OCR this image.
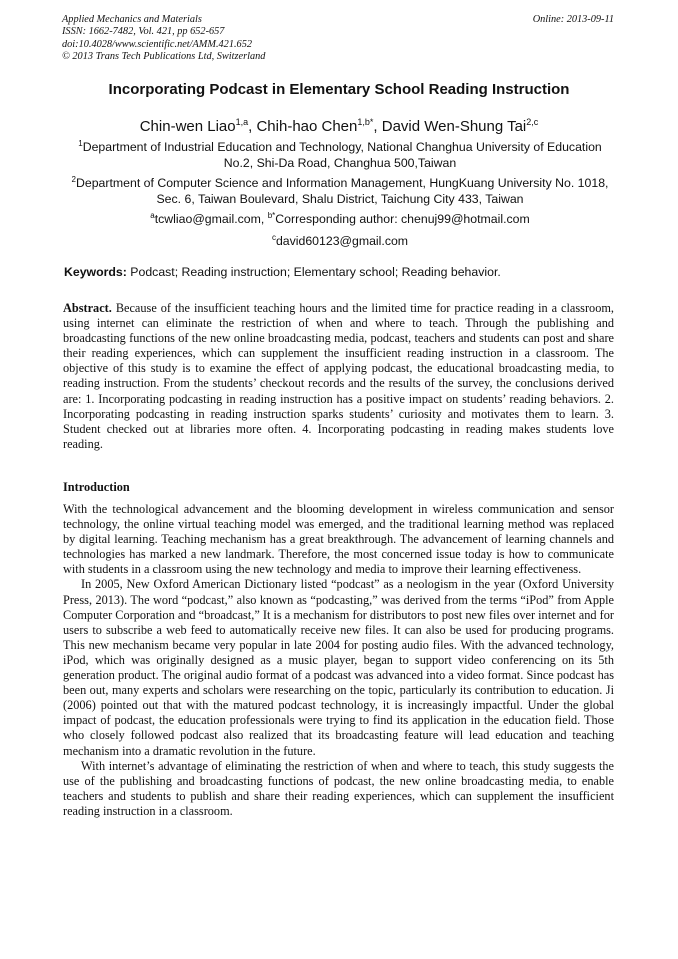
Applied Mechanics and Materials
ISSN: 1662-7482, Vol. 421, pp 652-657
doi:10.4028/www.scientific.net/AMM.421.652
© 2013 Trans Tech Publications Ltd, Switzerland
Online: 2013-09-11
Incorporating Podcast in Elementary School Reading Instruction
Chin-wen Liao$^{1,a}$, Chih-hao Chen$^{1,b*}$, David Wen-Shung Tai$^{2,c}$
$^1$Department of Industrial Education and Technology, National Changhua University of Education
No.2, Shi-Da Road, Changhua 500,Taiwan
$^2$Department of Computer Science and Information Management, HungKuang University No. 1018,
Sec. 6, Taiwan Boulevard, Shalu District, Taichung City 433, Taiwan
$^a$tcwliao@gmail.com, $^{b*}$Corresponding author: chenuj99@hotmail.com
$^c$david60123@gmail.com
Keywords: Podcast; Reading instruction; Elementary school; Reading behavior.
Abstract. Because of the insufficient teaching hours and the limited time for practice reading in a classroom, using internet can eliminate the restriction of when and where to teach. Through the publishing and broadcasting functions of the new online broadcasting media, podcast, teachers and students can post and share their reading experiences, which can supplement the insufficient reading instruction in a classroom. The objective of this study is to examine the effect of applying podcast, the educational broadcasting media, to reading instruction. From the students’ checkout records and the results of the survey, the conclusions derived are: 1. Incorporating podcasting in reading instruction has a positive impact on students’ reading behaviors. 2. Incorporating podcasting in reading instruction sparks students’ curiosity and motivates them to learn. 3. Student checked out at libraries more often. 4. Incorporating podcasting in reading makes students love reading.
Introduction

With the technological advancement and the blooming development in wireless communication and sensor technology, the online virtual teaching model was emerged, and the traditional learning method was replaced by digital learning. Teaching mechanism has a great breakthrough. The advancement of learning channels and technologies has marked a new landmark. Therefore, the most concerned issue today is how to communicate with students in a classroom using the new technology and media to improve their learning effectiveness.

In 2005, New Oxford American Dictionary listed “podcast” as a neologism in the year (Oxford University Press, 2013). The word “podcast,” also known as “podcasting,” was derived from the terms “iPod” from Apple Computer Corporation and “broadcast,” It is a mechanism for distributors to post new files over internet and for users to subscribe a web feed to automatically receive new files. It can also be used for producing programs. This new mechanism became very popular in late 2004 for posting audio files. With the advanced technology, iPod, which was originally designed as a music player, began to support video conferencing on its 5th generation product. The original audio format of a podcast was advanced into a video format. Since podcast has been out, many experts and scholars were researching on the topic, particularly its contribution to education. Ji (2006) pointed out that with the matured podcast technology, it is increasingly impactful. Under the global impact of podcast, the education professionals were trying to find its application in the education field. Those who closely followed podcast also realized that its broadcasting feature will lead education and teaching mechanism into a dramatic revolution in the future.

With internet’s advantage of eliminating the restriction of when and where to teach, this study suggests the use of the publishing and broadcasting functions of podcast, the new online broadcasting media, to enable teachers and students to publish and share their reading experiences, which can supplement the insufficient reading instruction in a classroom.
